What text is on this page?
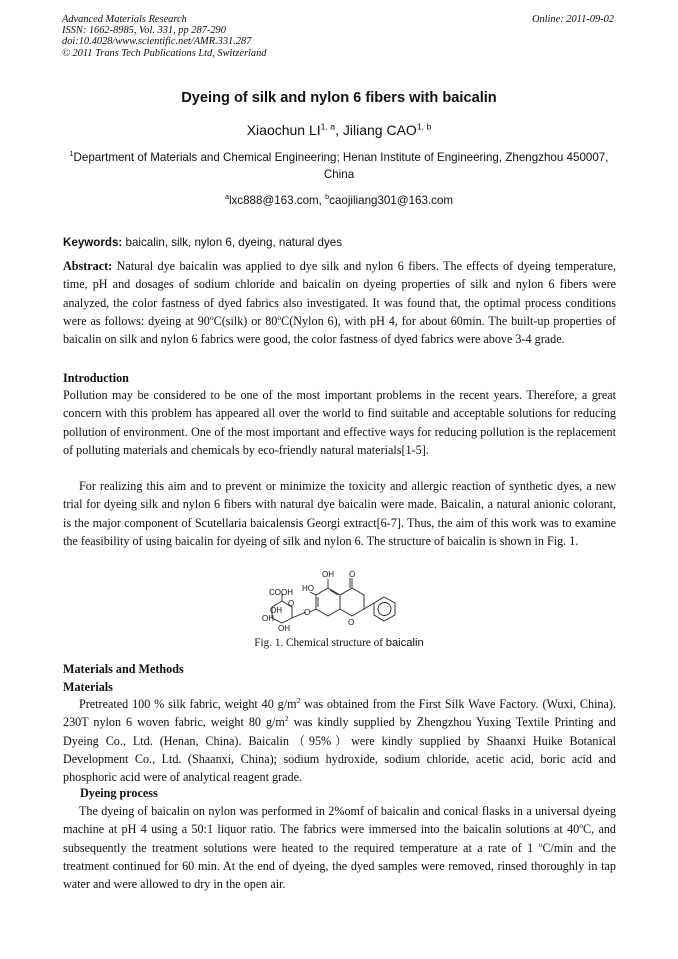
Advanced Materials Research
ISSN: 1662-8985, Vol. 331, pp 287-290
doi:10.4028/www.scientific.net/AMR.331.287
© 2011 Trans Tech Publications Ltd, Switzerland
Online: 2011-09-02
Dyeing of silk and nylon 6 fibers with baicalin
Xiaochun LI$^{1, a}$, Jiliang CAO$^{1, b}$
$^1$Department of Materials and Chemical Engineering; Henan Institute of Engineering, Zhengzhou 450007, China
$^a$lxc888@163.com, $^b$caojiliang301@163.com
Keywords: baicalin, silk, nylon 6, dyeing, natural dyes

Abstract: Natural dye baicalin was applied to dye silk and nylon 6 fibers. The effects of dyeing temperature, time, pH and dosages of sodium chloride and baicalin on dyeing properties of silk and nylon 6 fibers were analyzed, the color fastness of dyed fabrics also investigated. It was found that, the optimal process conditions were as follows: dyeing at 90$^o$C(silk) or 80$^o$C(Nylon 6), with pH 4, for about 60min. The built-up properties of baicalin on silk and nylon 6 fabrics were good, the color fastness of dyed fabrics were above 3-4 grade.

Introduction

Pollution may be considered to be one of the most important problems in the recent years. Therefore, a great concern with this problem has appeared all over the world to find suitable and acceptable solutions for reducing pollution of environment. One of the most important and effective ways for reducing pollution is the replacement of polluting materials and chemicals by eco-friendly natural materials[1-5].

For realizing this aim and to prevent or minimize the toxicity and allergic reaction of synthetic dyes, a new trial for dyeing silk and nylon 6 fibers with natural dye baicalin were made. Baicalin, a natural anionic colorant, is the major component of Scutellaria baicalensis Georgi extract[6-7]. Thus, the aim of this work was to examine the feasibility of using baicalin for dyeing of silk and nylon 6. The structure of baicalin is shown in Fig. 1.

HO
OH O
COOH
O
OH	O
OH
OH
O
Fig. 1. Chemical structure of baicalin
Materials and Methods
Materials

Pretreated 100 % silk fabric, weight 40 $g/m^2$ was obtained from the First Silk Wave Factory. (Wuxi, China). 230T nylon 6 woven fabric, weight 80 $g/m^2$ was kindly supplied by Zhengzhou Yuxing Textile Printing and Dyeing Co., Ltd. (Henan, China). Baicalin（95%）were kindly supplied by Shaanxi Huike Botanical Development Co., Ltd. (Shaanxi, China); sodium hydroxide, sodium chloride, acetic acid, boric acid and phosphoric acid were of analytical reagent grade.

Dyeing process

The dyeing of baicalin on nylon was performed in 2%omf of baicalin and conical flasks in a universal dyeing machine at pH 4 using a 50:1 liquor ratio. The fabrics were immersed into the baicalin solutions at 40$^o$C, and subsequently the treatment solutions were heated to the required temperature at a rate of 1 $^o$C/min and the treatment continued for 60 min. At the end of dyeing, the dyed samples were removed, rinsed thoroughly in tap water and were allowed to dry in the open air.
